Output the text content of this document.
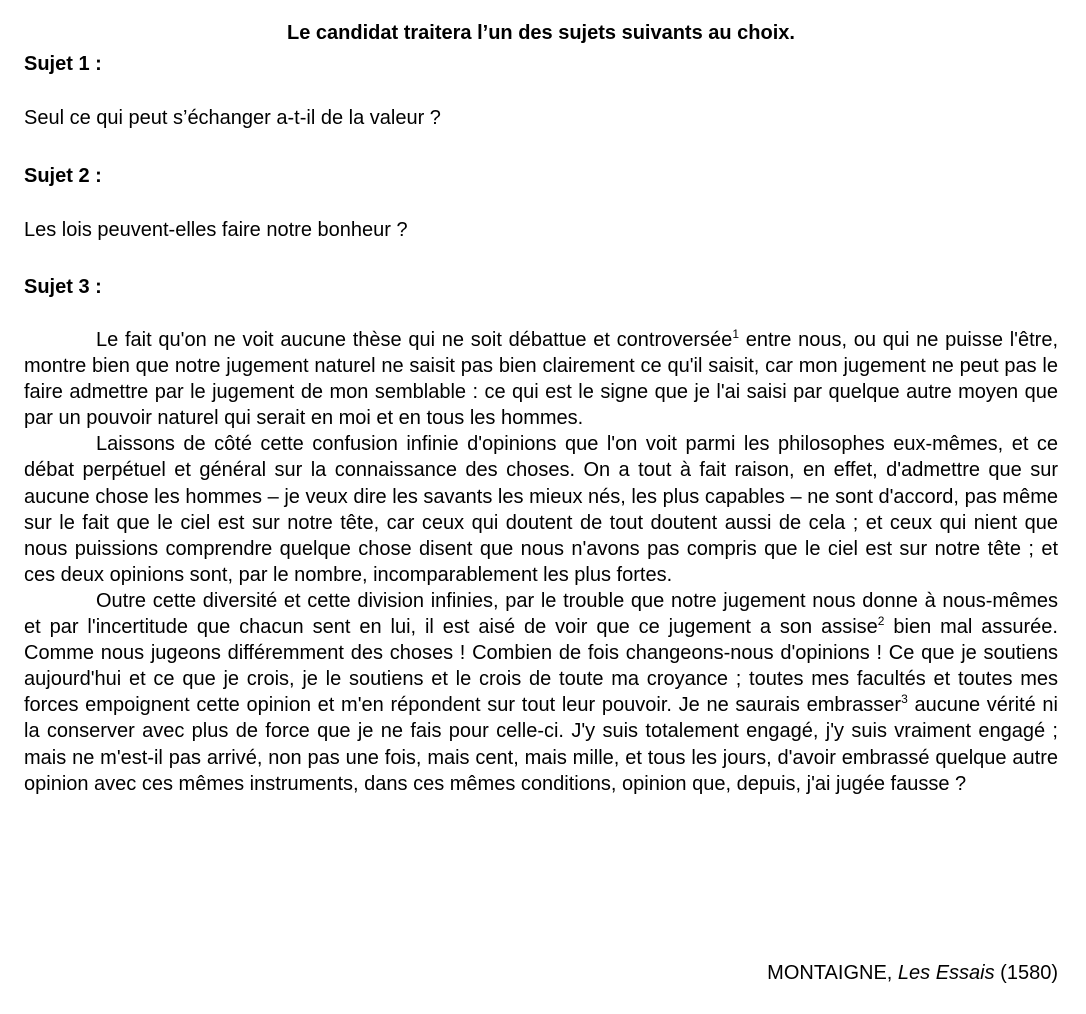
Le candidat traitera l’un des sujets suivants au choix.

Sujet 1 :

Seul ce qui peut s’échanger a-t-il de la valeur ?

Sujet 2 :

Les lois peuvent-elles faire notre bonheur ?

Sujet 3 :

Le fait qu'on ne voit aucune thèse qui ne soit débattue et controversée$^1$ entre nous, ou qui ne puisse l'être, montre bien que notre jugement naturel ne saisit pas bien clairement ce qu'il saisit, car mon jugement ne peut pas le faire admettre par le jugement de mon semblable : ce qui est le signe que je l'ai saisi par quelque autre moyen que par un pouvoir naturel qui serait en moi et en tous les hommes.

Laissons de côté cette confusion infinie d'opinions que l'on voit parmi les philosophes eux-mêmes, et ce débat perpétuel et général sur la connaissance des choses. On a tout à fait raison, en effet, d'admettre que sur aucune chose les hommes – je veux dire les savants les mieux nés, les plus capables – ne sont d'accord, pas même sur le fait que le ciel est sur notre tête, car ceux qui doutent de tout doutent aussi de cela ; et ceux qui nient que nous puissions comprendre quelque chose disent que nous n'avons pas compris que le ciel est sur notre tête ; et ces deux opinions sont, par le nombre, incomparablement les plus fortes.

Outre cette diversité et cette division infinies, par le trouble que notre jugement nous donne à nous-mêmes et par l'incertitude que chacun sent en lui, il est aisé de voir que ce jugement a son assise$^2$ bien mal assurée. Comme nous jugeons différemment des choses ! Combien de fois changeons-nous d'opinions ! Ce que je soutiens aujourd'hui et ce que je crois, je le soutiens et le crois de toute ma croyance ; toutes mes facultés et toutes mes forces empoignent cette opinion et m'en répondent sur tout leur pouvoir. Je ne saurais embrasser$^3$ aucune vérité ni la conserver avec plus de force que je ne fais pour celle-ci. J'y suis totalement engagé, j'y suis vraiment engagé ; mais ne m'est-il pas arrivé, non pas une fois, mais cent, mais mille, et tous les jours, d'avoir embrassé quelque autre opinion avec ces mêmes instruments, dans ces mêmes conditions, opinion que, depuis, j'ai jugée fausse ?

MONTAIGNE, Les Essais (1580)
